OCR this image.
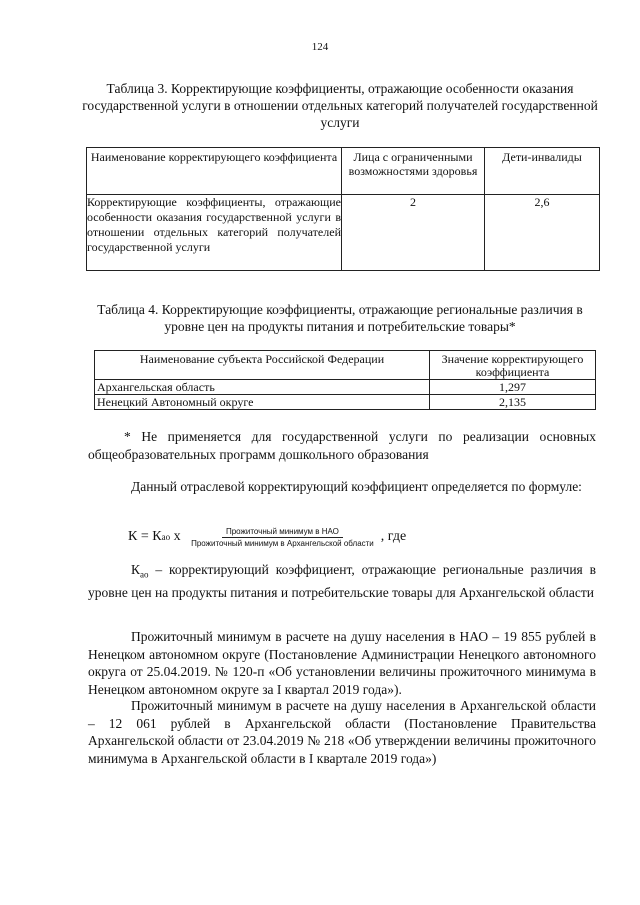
124
Таблица 3. Корректирующие коэффициенты, отражающие особенности оказания государственной услуги в отношении отдельных категорий получателей государственной услуги
Наименование корректирующего коэффициента	Лица с ограниченными возможностями здоровья	Дети-инвалиды
Корректирующие коэффициенты, отражающие особенности оказания государственной услуги в отношении отдельных категорий получателей государственной услуги	2	2,6
Таблица 4. Корректирующие коэффициенты, отражающие региональные различия в уровне цен на продукты питания и потребительские товары*
Наименование субъекта Российской Федерации	Значение корректирующего коэффициента
Архангельская область	1,297
Ненецкий Автономный округе	2,135
* Не применяется для государственной услуги по реализации основных общеобразовательных программ дошкольного образования
Данный отраслевой корректирующий коэффициент определяется по формуле:
К = К ао x $\frac{\text{Прожиточный минимум в НАО}}{\text{Прожиточный минимум в Архангельской области}}$ , где
$К_{ао}$ – корректирующий коэффициент, отражающие региональные различия в уровне цен на продукты питания и потребительские товары для Архангельской области
Прожиточный минимум в расчете на душу населения в НАО – 19 855 рублей в Ненецком автономном округе (Постановление Администрации Ненецкого автономного округа от 25.04.2019. № 120-п «Об установлении величины прожиточного минимума в Ненецком автономном округе за I квартал 2019 года»).
Прожиточный минимум в расчете на душу населения в Архангельской области – 12 061 рублей в Архангельской области (Постановление Правительства Архангельской области от 23.04.2019 № 218 «Об утверждении величины прожиточного минимума в Архангельской области в I квартале 2019 года»)
